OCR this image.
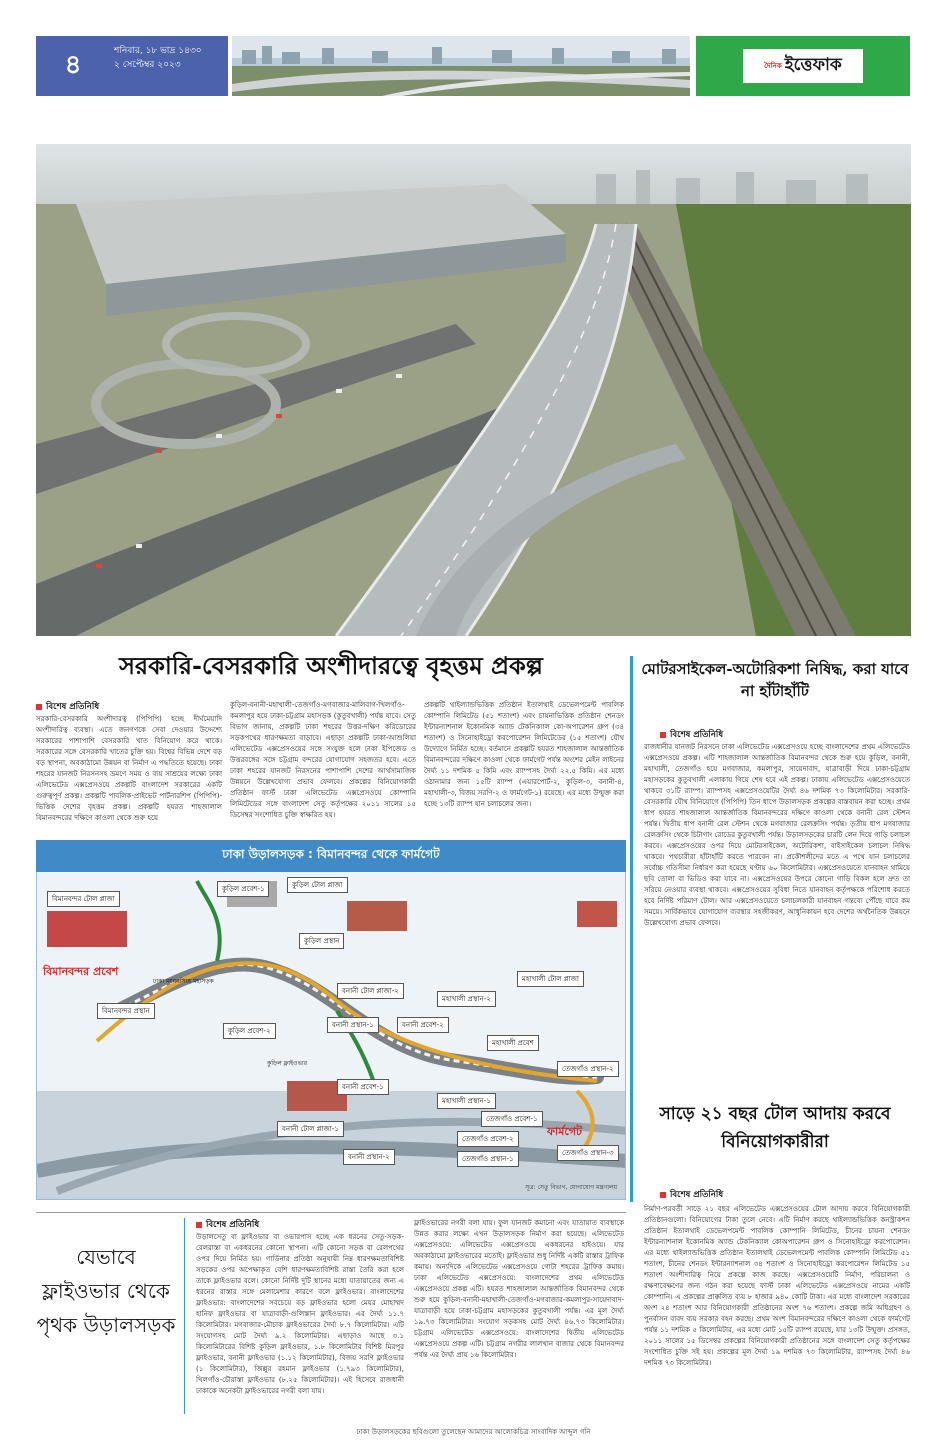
৪	শনিবার, ১৮ ভাদ্র ১৪৩০
২ সেপ্টেম্বর ২০২৩	দৈনিক ইত্তেফাক
সরকারি-বেসরকারি অংশীদারত্বে বৃহত্তম প্রকল্প
বিশেষ প্রতিনিধি
সরকারি-বেসরকারি অংশীদারত্ব (পিপিপি) হচ্ছে দীর্ঘমেয়াদি অংশীদারিত্ব ব্যবস্থা। এতে জনগণকে সেবা দেওয়ার উদ্দেশ্যে সরকারের পাশাপাশি বেসরকারি খাত বিনিয়োগ করে থাকে। সরকারের সঙ্গে বেসরকারি খাতের চুক্তি হয়। বিশ্বের বিভিন্ন দেশে বড় বড় স্থাপনা, অবকাঠামো উন্নয়ন বা নির্মাণ এ পদ্ধতিতে হয়েছে। ঢাকা শহরের যানজট নিরসনসহ ভ্রমণে সময় ও ব্যয় সাশ্রয়ের লক্ষ্যে ঢাকা এলিভেটেড এক্সপ্রেসওয়ে প্রকল্পটি বাংলাদেশ সরকারের একটি গুরুত্বপূর্ণ প্রকল্প। প্রকল্পটি পাবলিক-প্রাইভেট পার্টনারশিপ (পিপিপি)-ভিত্তিক দেশের বৃহত্তম প্রকল্প। প্রকল্পটি হযরত শাহজালাল বিমানবন্দরের দক্ষিণে কাওলা থেকে শুরু হয়ে
কুড়িল-বনানী-মহাখালী-তেজগাঁও-মগবাজার-মালিবাগ-খিলগাঁও-কমলাপুর হয়ে ঢাকা-চট্টগ্রাম মহাসড়ক (কুতুবখালী) পর্যন্ত যাবে। সেতু বিভাগ জানায়, প্রকল্পটি ঢাকা শহরের উত্তর-দক্ষিণ করিডোরের সড়কপথের ধারণক্ষমতা বাড়াবে। এছাড়া প্রকল্পটি ঢাকা-আশুলিয়া এলিভেটেড এক্সপ্রেসওয়ের সঙ্গে সংযুক্ত হলে ঢাকা ইপিজেড ও উত্তরবঙ্গের সঙ্গে চট্টগ্রাম বন্দরের যোগাযোগ সহজতর হবে। এতে ঢাকা শহরের যানজট নিরসনের পাশাপাশি দেশের আর্থসামাজিক উন্নয়নে উল্লেখযোগ্য প্রভাব ফেলবে। প্রকল্পের বিনিয়োগকারী প্রতিষ্ঠান ফার্স্ট ঢাকা এলিভেটেড এক্সপ্রেসওয়ে কোম্পানি লিমিটেডের সঙ্গে বাংলাদেশ সেতু কর্তৃপক্ষের ২০১১ সালের ১৫ ডিসেম্বর সংশোধিত চুক্তি স্বাক্ষরিত হয়।
প্রকল্পটি থাইল্যান্ডভিত্তিক প্রতিষ্ঠান ইতালথাই ডেভেলপমেন্ট পাবলিক কোম্পানি লিমিটেড (৫১ শতাংশ) এবং চায়নাভিত্তিক প্রতিষ্ঠান শেনডং ইন্টারন্যাশনাল ইকোনমিক অ্যান্ড টেকনিক্যাল কো-অপারেশন গ্রুপ (৩৪ শতাংশ) ও সিনোহাইড্রো করপোরেশন লিমিটেডের (১৫ শতাংশ) যৌথ উদ্যোগে নির্মিত হচ্ছে। বর্তমানে প্রকল্পটি হযরত শাহজালাল আন্তর্জাতিক বিমানবন্দরের দক্ষিণে কাওলা থেকে ফার্মগেট পর্যন্ত অংশের মেইন লাইনের দৈর্ঘ্য ১১ দশমিক ৫ কিমি এবং র‍্যাম্পসহ দৈর্ঘ্য ২২.৫ কিমি। এর মধ্যে ওঠানামার জন্য ১৫টি র‍্যাম্প (এয়ারপোর্ট-২, কুড়িল-৩, বনানী-৪, মহাখালী-৩, বিজয় সরণি-২ ও ফার্মগেট-১) রয়েছে। এর মধ্যে উন্মুক্ত করা হচ্ছে ১৩টি র‍্যাম্প যান চলাচলের জন্য।
মোটরসাইকেল-অটোরিকশা নিষিদ্ধ, করা যাবে না হাঁটাহাঁটি
বিশেষ প্রতিনিধি
রাজধানীর যানজট নিরসনে ঢাকা এলিভেটেড এক্সপ্রেসওয়ে হচ্ছে বাংলাদেশের প্রথম এলিভেটেড এক্সপ্রেসওয়ে প্রকল্প। এটি শাহজালাল আন্তর্জাতিক বিমানবন্দর থেকে শুরু হয়ে কুড়িল, বনানী, মহাখালী, তেজগাঁও হয়ে মগবাজার, কমলাপুর, সায়েদাবাদ, যাত্রাবাড়ী দিয়ে ঢাকা-চট্টগ্রাম মহাসড়কের কুতুবখালী এলাকায় গিয়ে শেষ হবে এই প্রকল্প। ঢাকায় এলিভেটেড এক্সপ্রেসওয়েতে থাকবে ৩১টি র‍্যাম্প। র‍্যাম্পসহ এক্সপ্রেসওয়েটির দৈর্ঘ্য ৪৬ দশমিক ৭৩ কিলোমিটার। সরকারি-বেসরকারি যৌথ বিনিয়োগে (পিপিপি) তিন ধাপে উড়ালসড়ক প্রকল্পের বাস্তবায়ন করা হচ্ছে। প্রথম ধাপ হযরত শাহজালাল আন্তর্জাতিক বিমানবন্দরের দক্ষিণে কাওলা থেকে বনানী রেল স্টেশন পর্যন্ত। দ্বিতীয় ধাপ বনানী রেল স্টেশন থেকে মগবাজার রেলক্রসিং পর্যন্ত। তৃতীয় ধাপ মগবাজার রেলক্রসিং থেকে চিটাগাং রোডের কুতুবখালী পর্যন্ত। উড়ালসড়কের চারটি লেন দিয়ে গাড়ি চলাচল করবে। এক্সপ্রেসওয়ের ওপর দিয়ে মোটরসাইকেল, অটোরিকশা, বাইসাইকেল চলাচল নিষিদ্ধ থাকবে। পথচারীরা হাঁটাহাঁটি করতে পারবেন না। প্রকৌশলীদের মতে এ পথে যান চলাচলের সর্বোচ্চ গতিসীমা নির্ধারণ করা হয়েছে ঘণ্টায় ৬০ কিলোমিটার। এক্সপ্রেসওয়েতে যানবাহন থামিয়ে ছবি তোলা বা ভিডিও করা যাবে না। এক্সপ্রেসওয়ের উপরে কোনো গাড়ি বিকল হলে দ্রুত তা সরিয়ে নেওয়ার ব্যবস্থা থাকবে। এক্সপ্রেসওয়ের সুবিধা নিতে যানবাহন কর্তৃপক্ষকে পরিশোধ করতে হবে নির্দিষ্ট পরিমাণ টোল। আর এক্সপ্রেসওয়েতে চলাচলকারী যানবাহন গন্তব্যে পৌঁছে যাবে কম সময়ে। সার্বিকভাবে যোগাযোগ ব্যবস্থার সহজীকরণ, আধুনিকায়ন হবে দেশের অর্থনৈতিক উন্নয়নে উল্লেখযোগ্য প্রভাব ফেলবে।
সাড়ে ২১ বছর টোল আদায় করবে বিনিয়োগকারীরা
বিশেষ প্রতিনিধি
নির্মাণ-পরবর্তী সাড়ে ২১ বছর এলিভেটেড এক্সপ্রেসওয়ের টোল আদায় করবে বিনিয়োগকারী প্রতিষ্ঠানগুলো। বিনিয়োগের টাকা তুলে নেবে। এটি নির্মাণ করছে থাইল্যান্ডভিত্তিক কনস্ট্রাকশন প্রতিষ্ঠান ইতালথাই ডেভেলপমেন্ট পাবলিক কোম্পানি লিমিটেড, চীনের চায়না শেনডং ইন্টারন্যাশনাল ইকোনমিক অ্যান্ড টেকনিক্যাল কোঅপারেশন গ্রুপ ও সিনোহাইড্রো করপোরেশন। এর মধ্যে থাইল্যান্ডভিত্তিক প্রতিষ্ঠান ইতালথাই ডেভেলপমেন্ট পাবলিক কোম্পানি লিমিটেড ৫১ শতাংশ, চীনের শেনডং ইন্টারন্যাশনাল ৩৪ শতাংশ ও সিনোহাইড্রো করপোরেশন লিমিটেড ১৫ শতাংশ অংশীদারিত্ব নিয়ে প্রকল্পে কাজ করছে। এক্সপ্রেসওয়েটি নির্মাণ, পরিচালনা ও রক্ষণাবেক্ষণের জন্য গঠন করা হয়েছে ফার্স্ট ঢাকা এলিভেটেড এক্সপ্রেসওয়ে নামের একটি কোম্পানি। এ প্রকল্পের প্রাক্কলিত ব্যয় ৮ হাজার ৯৪০ কোটি টাকা। এর মধ্যে বাংলাদেশ সরকারের অংশ ২৪ শতাংশ আর বিনিয়োগকারী প্রতিষ্ঠানের অংশ ৭৬ শতাংশ। প্রকল্পে জমি অধিগ্রহণ ও পুনর্বাসন বাবদ ব্যয় সরকার বহন করছে। প্রথম অংশ বিমানবন্দরের দক্ষিণে কাওলা থেকে ফার্মগেট পর্যন্ত ১১ দশমিক ৫ কিলোমিটার, এর মধ্যে মোট ১৫টি র‍্যাম্প রয়েছে, যার ১৩টি উন্মুক্ত। প্রসঙ্গত, ২০১১ সালের ১৫ ডিসেম্বর প্রকল্পের বিনিয়োগকারী প্রতিষ্ঠানের সঙ্গে বাংলাদেশ সেতু কর্তৃপক্ষের সংশোধিত চুক্তি সই হয়। প্রকল্পের মূল দৈর্ঘ্য ১৯ দশমিক ৭৩ কিলোমিটার, র‍্যাম্পসহ দৈর্ঘ্য ৪৬ দশমিক ৭৩ কিলোমিটার।
বিমানবন্দর টোল প্লাজা
কুড়িল প্রবেশ-১	কুড়িল টোল প্লাজা
কুড়িল প্রস্থান
বিমানবন্দর প্রবেশ
বিমানবন্দর প্রস্থান
ঢাকা ময়মনসিংহ মহাসড়ক
কুড়িল প্রবেশ-২
কুড়িল ফ্লাইওভার
বনানী টোল প্লাজা-২
বনানী প্রস্থান-১	বনানী প্রবেশ-২
মহাখালী প্রস্থান-২
মহাখালী টোল প্লাজা
মহাখালী প্রবেশ
তেজগাঁও প্রস্থান-২
বনানী প্রবেশ-১
মহাখালী প্রস্থান-১
তেজগাঁও প্রবেশ-১
বনানী টোল প্লাজা-১
তেজগাঁও প্রবেশ-২
ফার্মগেট
তেজগাঁও প্রস্থান-১
তেজগাঁও প্রস্থান-৩
বনানী প্রস্থান-২
সূত্র: সেতু বিভাগ, যোগাযোগ মন্ত্রণালয়
ঢাকা উড়ালসড়ক : বিমানবন্দর থেকে ফার্মগেট
যেভাবে ফ্লাইওভার থেকে পৃথক উড়ালসড়ক
বিশেষ প্রতিনিধি
উড়ালসেতু বা ফ্লাইওভার বা ওভারপাস হচ্ছে এক ধরনের সেতু-সড়ক-রেলরাস্তা বা একধরনের কোনো স্থাপনা। এটি কোনো সড়ক বা রেলপথের ওপর দিয়ে নির্মিত হয়। গার্ডিনার প্রতিষ্ঠা অনুযায়ী নিম্ন ধারণক্ষমতাবিশিষ্ট সড়কের ওপর অপেক্ষাকৃত বেশি ধারণক্ষমতাবিশিষ্ট রাস্তা তৈরি করা হলে তাকে ফ্লাইওভার বলে। কোনো নির্দিষ্ট দুটি স্থানের মধ্যে যাতায়াতের জন্য এ ধরনের রাস্তার সঙ্গে মেলামেশার কারণে বলে ফ্লাইওভার। বাংলাদেশের ফ্লাইওভার: বাংলাদেশের সবচেয়ে বড় ফ্লাইওভার হলো মেয়র মোহাম্মদ হানিফ ফ্লাইওভার বা যাত্রাবাড়ী-গুলিস্তান ফ্লাইওভার। এর দৈর্ঘ্য ১১.৭ কিলোমিটার। মগবাজার-মৌচাক ফ্লাইওভারের দৈর্ঘ্য ৮.৭ কিলোমিটার। এটি সংযোগসহ মোট দৈর্ঘ্য ৯.২ কিলোমিটার। এছাড়াও আছে ৩.১ কিলোমিটারের বিশিষ্ট কুড়িল ফ্লাইওভার, ১.৮ কিলোমিটার বিশিষ্ট মিরপুর ফ্লাইওভার, বনানী ফ্লাইওভার (১.১২ কিলোমিটার), বিজয় সরণি ফ্লাইওভার (১ কিলোমিটার), জিল্লুর রহমান ফ্লাইওভার (১.৭৯৩ কিলোমিটার), খিলগাঁও-চৌরাস্তা ফ্লাইওভার (৮.২৫ কিলোমিটার)। এই হিসেবে রাজধানী ঢাকাকে অনেকটা ফ্লাইওভারের নগরী বলা যায়।
ফ্লাইওভারের নগরী বলা যায়। ফুল যানজট কমানো এবং যাতায়াত ব্যবস্থাকে উন্নত করার লক্ষ্যে এখন উড়ালসড়ক নির্মাণ করা হয়েছে। এলিভেটেড এক্সপ্রেসওয়ে: এলিভেটেড এক্সপ্রেসওয়ে একধরনের হাইওয়ে। যার অবকাঠামো ফ্লাইওভারের মতোই। ফ্লাইওভার শুধু নির্দিষ্ট একটি রাস্তার ট্রাফিক কমায়। অন্যদিকে এলিভেটেড এক্সপ্রেসওয়ে গোটা শহরের ট্রাফিক কমায়। ঢাকা এলিভেটেড এক্সপ্রেসওয়ে: বাংলাদেশের প্রথম এলিভেটেড এক্সপ্রেসওয়ে প্রকল্প এটি। হযরত শাহজালাল আন্তর্জাতিক বিমানবন্দর থেকে শুরু হয়ে কুড়িল-বনানী-মহাখালী-তেজগাঁও-মগবাজার-কমলাপুর-সায়েদাবাদ-যাত্রাবাড়ী হয়ে ঢাকা-চট্টগ্রাম মহাসড়কের কুতুবখালী পর্যন্ত। এর মূল দৈর্ঘ্য ১৯.৭৩ কিলোমিটার। সংযোগ সড়কসহ মোট দৈর্ঘ্য ৪৬.৭৩ কিলোমিটার। চট্টগ্রাম এলিভেটেড এক্সপ্রেসওয়ে: বাংলাদেশের দ্বিতীয় এলিভেটেড এক্সপ্রেসওয়ে প্রকল্প এটি। চট্টগ্রাম নগরীর লালখান বাজার থেকে বিমানবন্দর পর্যন্ত এর দৈর্ঘ্য প্রায় ১৬ কিলোমিটার।
ঢাকা উড়ালসড়কের ছবিগুলো তুলেছেন আমাদের আলোকচিত্র সাংবাদিক আব্দুল গনি
